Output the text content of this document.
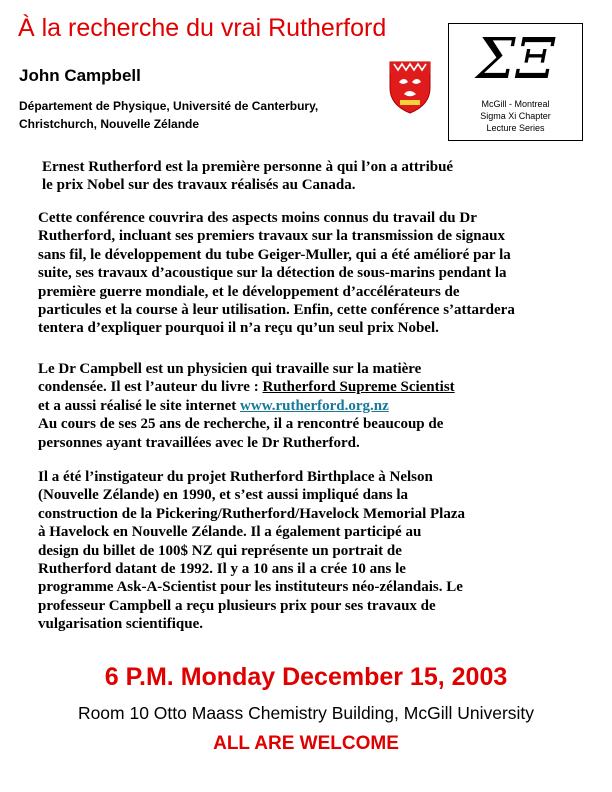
À la recherche du vrai Rutherford
John Campbell
Département de Physique, Université de Canterbury,
Christchurch, Nouvelle Zélande
ΣΞ
McGill - Montreal
Sigma Xi Chapter
Lecture Series
Ernest Rutherford est la première personne à qui l’on a attribué
le prix Nobel sur des travaux réalisés au Canada.
Cette conférence couvrira des aspects moins connus du travail du Dr
Rutherford, incluant ses premiers travaux sur la transmission de signaux
sans fil, le développement du tube Geiger-Muller, qui a été amélioré par la
suite, ses travaux d’acoustique sur la détection de sous-marins pendant la
première guerre mondiale, et le développement d’accélérateurs de
particules et la course à leur utilisation. Enfin, cette conférence s’attardera
tentera d’expliquer pourquoi il n’a reçu qu’un seul prix Nobel.
Le Dr Campbell est un physicien qui travaille sur la matière
condensée. Il est l’auteur du livre : Rutherford Supreme Scientist
et a aussi réalisé le site internet www.rutherford.org.nz
Au cours de ses 25 ans de recherche, il a rencontré beaucoup de
personnes ayant travaillées avec le Dr Rutherford.
Il a été l’instigateur du projet Rutherford Birthplace à Nelson
(Nouvelle Zélande) en 1990, et s’est aussi impliqué dans la
construction de la Pickering/Rutherford/Havelock Memorial Plaza
à Havelock en Nouvelle Zélande. Il a également participé au
design du billet de 100$ NZ qui représente un portrait de
Rutherford datant de 1992. Il y a 10 ans il a crée 10 ans le
programme Ask-A-Scientist pour les instituteurs néo-zélandais. Le
professeur Campbell a reçu plusieurs prix pour ses travaux de
vulgarisation scientifique.
6 P.M. Monday December 15, 2003
Room 10 Otto Maass Chemistry Building, McGill University
ALL ARE WELCOME
